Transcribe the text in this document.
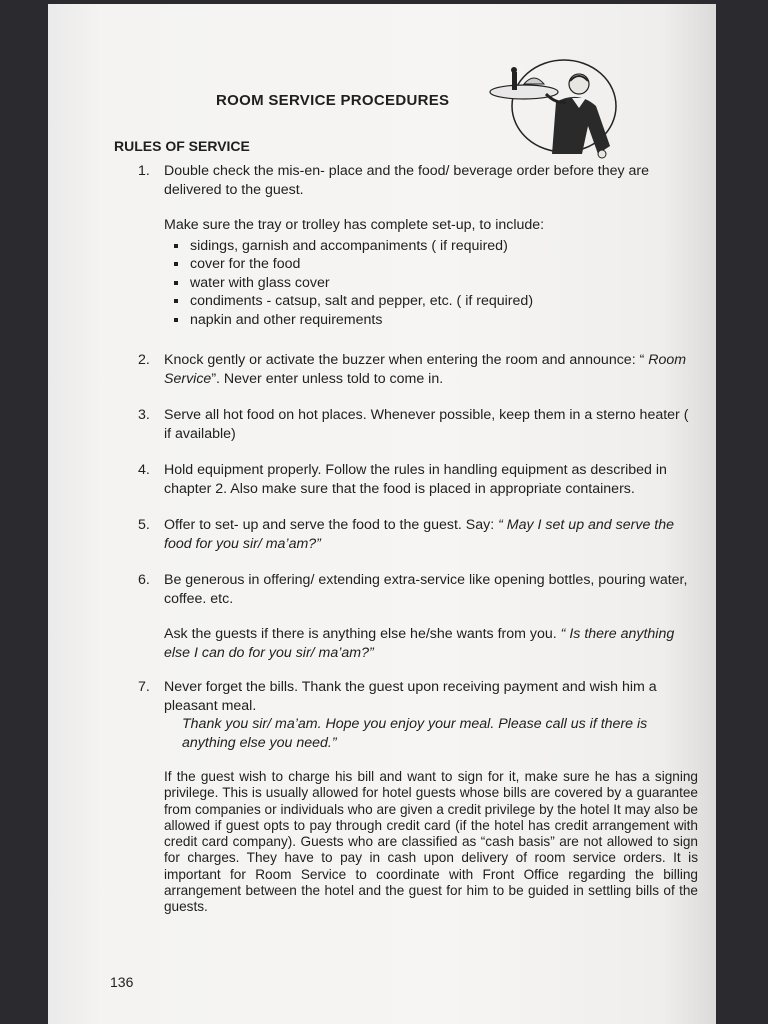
ROOM SERVICE PROCEDURES
RULES OF SERVICE
1. Double check the mis-en- place and the food/ beverage order before they are delivered to the guest.
Make sure the tray or trolley has complete set-up, to include:
sidings, garnish and accompaniments ( if required)
cover for the food
water with glass cover
condiments - catsup, salt and pepper, etc. ( if required)
napkin and other requirements
2. Knock gently or activate the buzzer when entering the room and announce: “ Room Service”. Never enter unless told to come in.
3. Serve all hot food on hot places. Whenever possible, keep them in a sterno heater ( if available)
4. Hold equipment properly. Follow the rules in handling equipment as described in chapter 2. Also make sure that the food is placed in appropriate containers.
5. Offer to set- up and serve the food to the guest. Say: “ May I set up and serve the food for you sir/ ma’am?”
6. Be generous in offering/ extending extra-service like opening bottles, pouring water, coffee. etc.
Ask the guests if there is anything else he/she wants from you. “ Is there anything else I can do for you sir/ ma’am?”
7. Never forget the bills. Thank the guest upon receiving payment and wish him a pleasant meal.
Thank you sir/ ma’am. Hope you enjoy your meal. Please call us if there is anything else you need.”
If the guest wish to charge his bill and want to sign for it, make sure he has a signing privilege. This is usually allowed for hotel guests whose bills are covered by a guarantee from companies or individuals who are given a credit privilege by the hotel It may also be allowed if guest opts to pay through credit card (if the hotel has credit arrangement with credit card company). Guests who are classified as “cash basis” are not allowed to sign for charges. They have to pay in cash upon delivery of room service orders. It is important for Room Service to coordinate with Front Office regarding the billing arrangement between the hotel and the guest for him to be guided in settling bills of the guests.
136
